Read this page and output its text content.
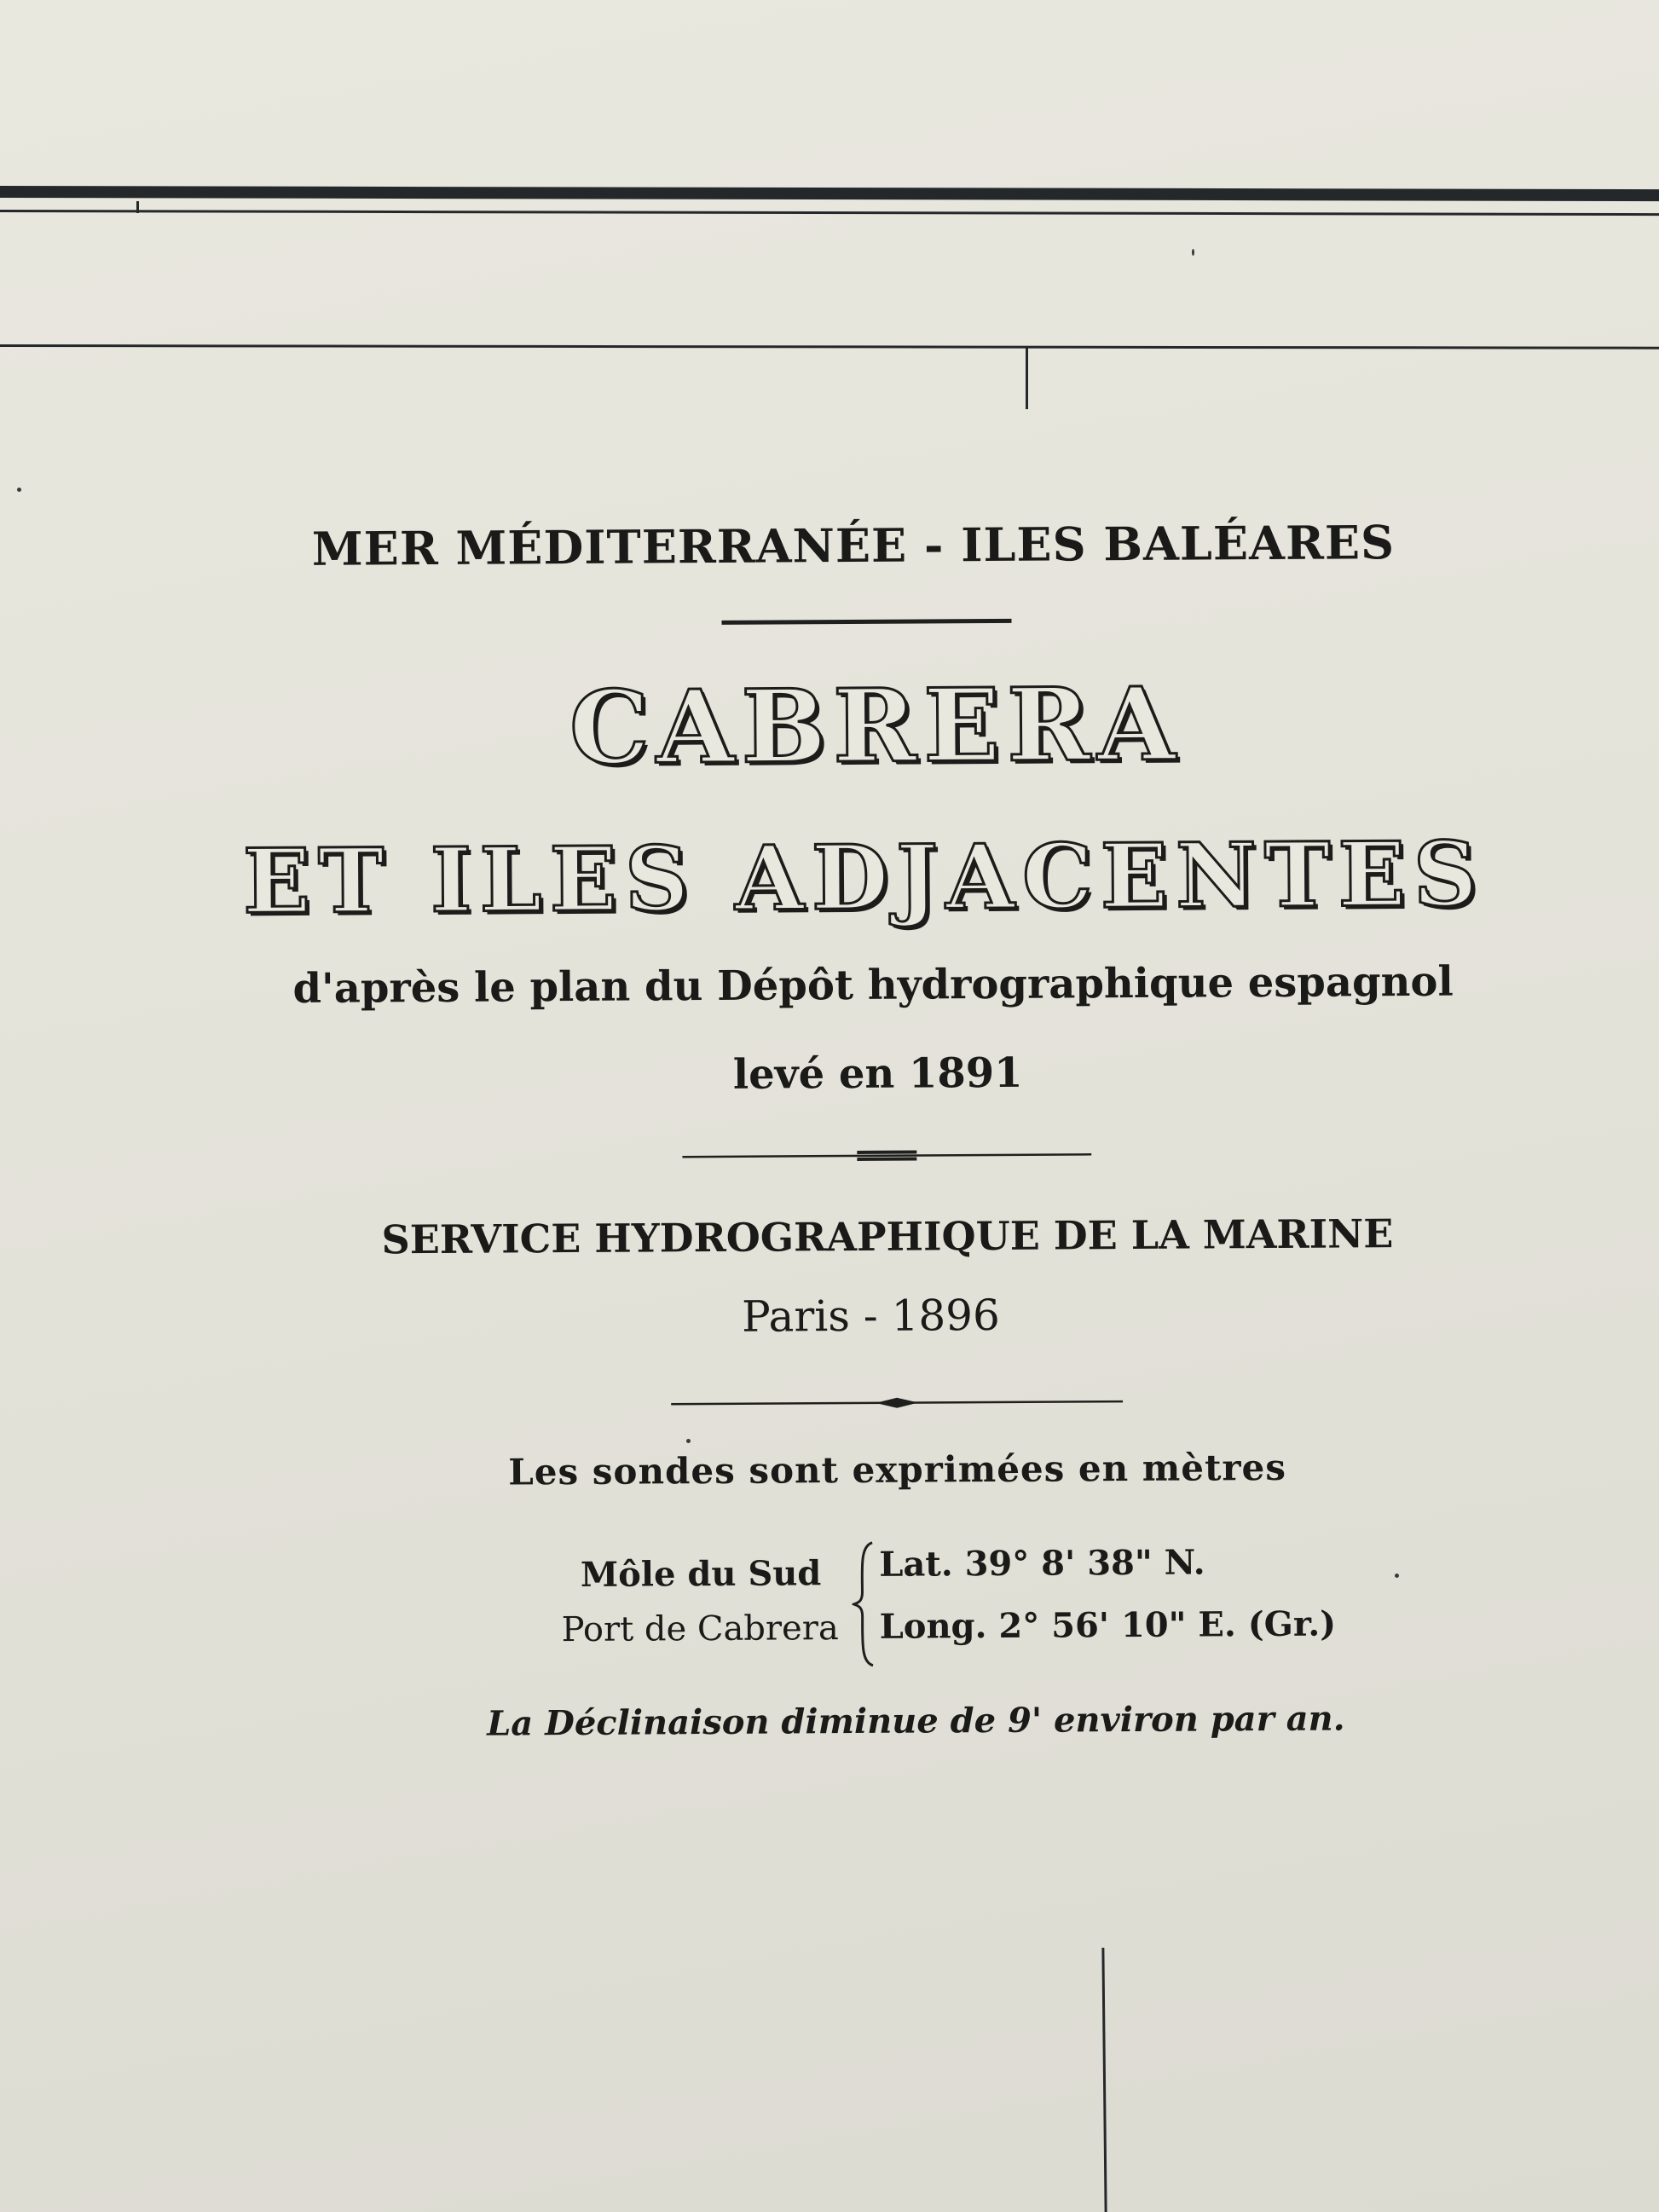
MER MÉDITERRANÉE - ILES BALÉARES
CABRERA
ET ILES ADJACENTES
d'après le plan du Dépôt hydrographique espagnol
levé en 1891
SERVICE HYDROGRAPHIQUE DE LA MARINE
Paris - 1896
Les sondes sont exprimées en mètres
Môle du Sud
Port de Cabrera
Lat. 39° 8' 38" N.
Long. 2° 56' 10" E. (Gr.)
La Déclinaison diminue de 9' environ par an.
